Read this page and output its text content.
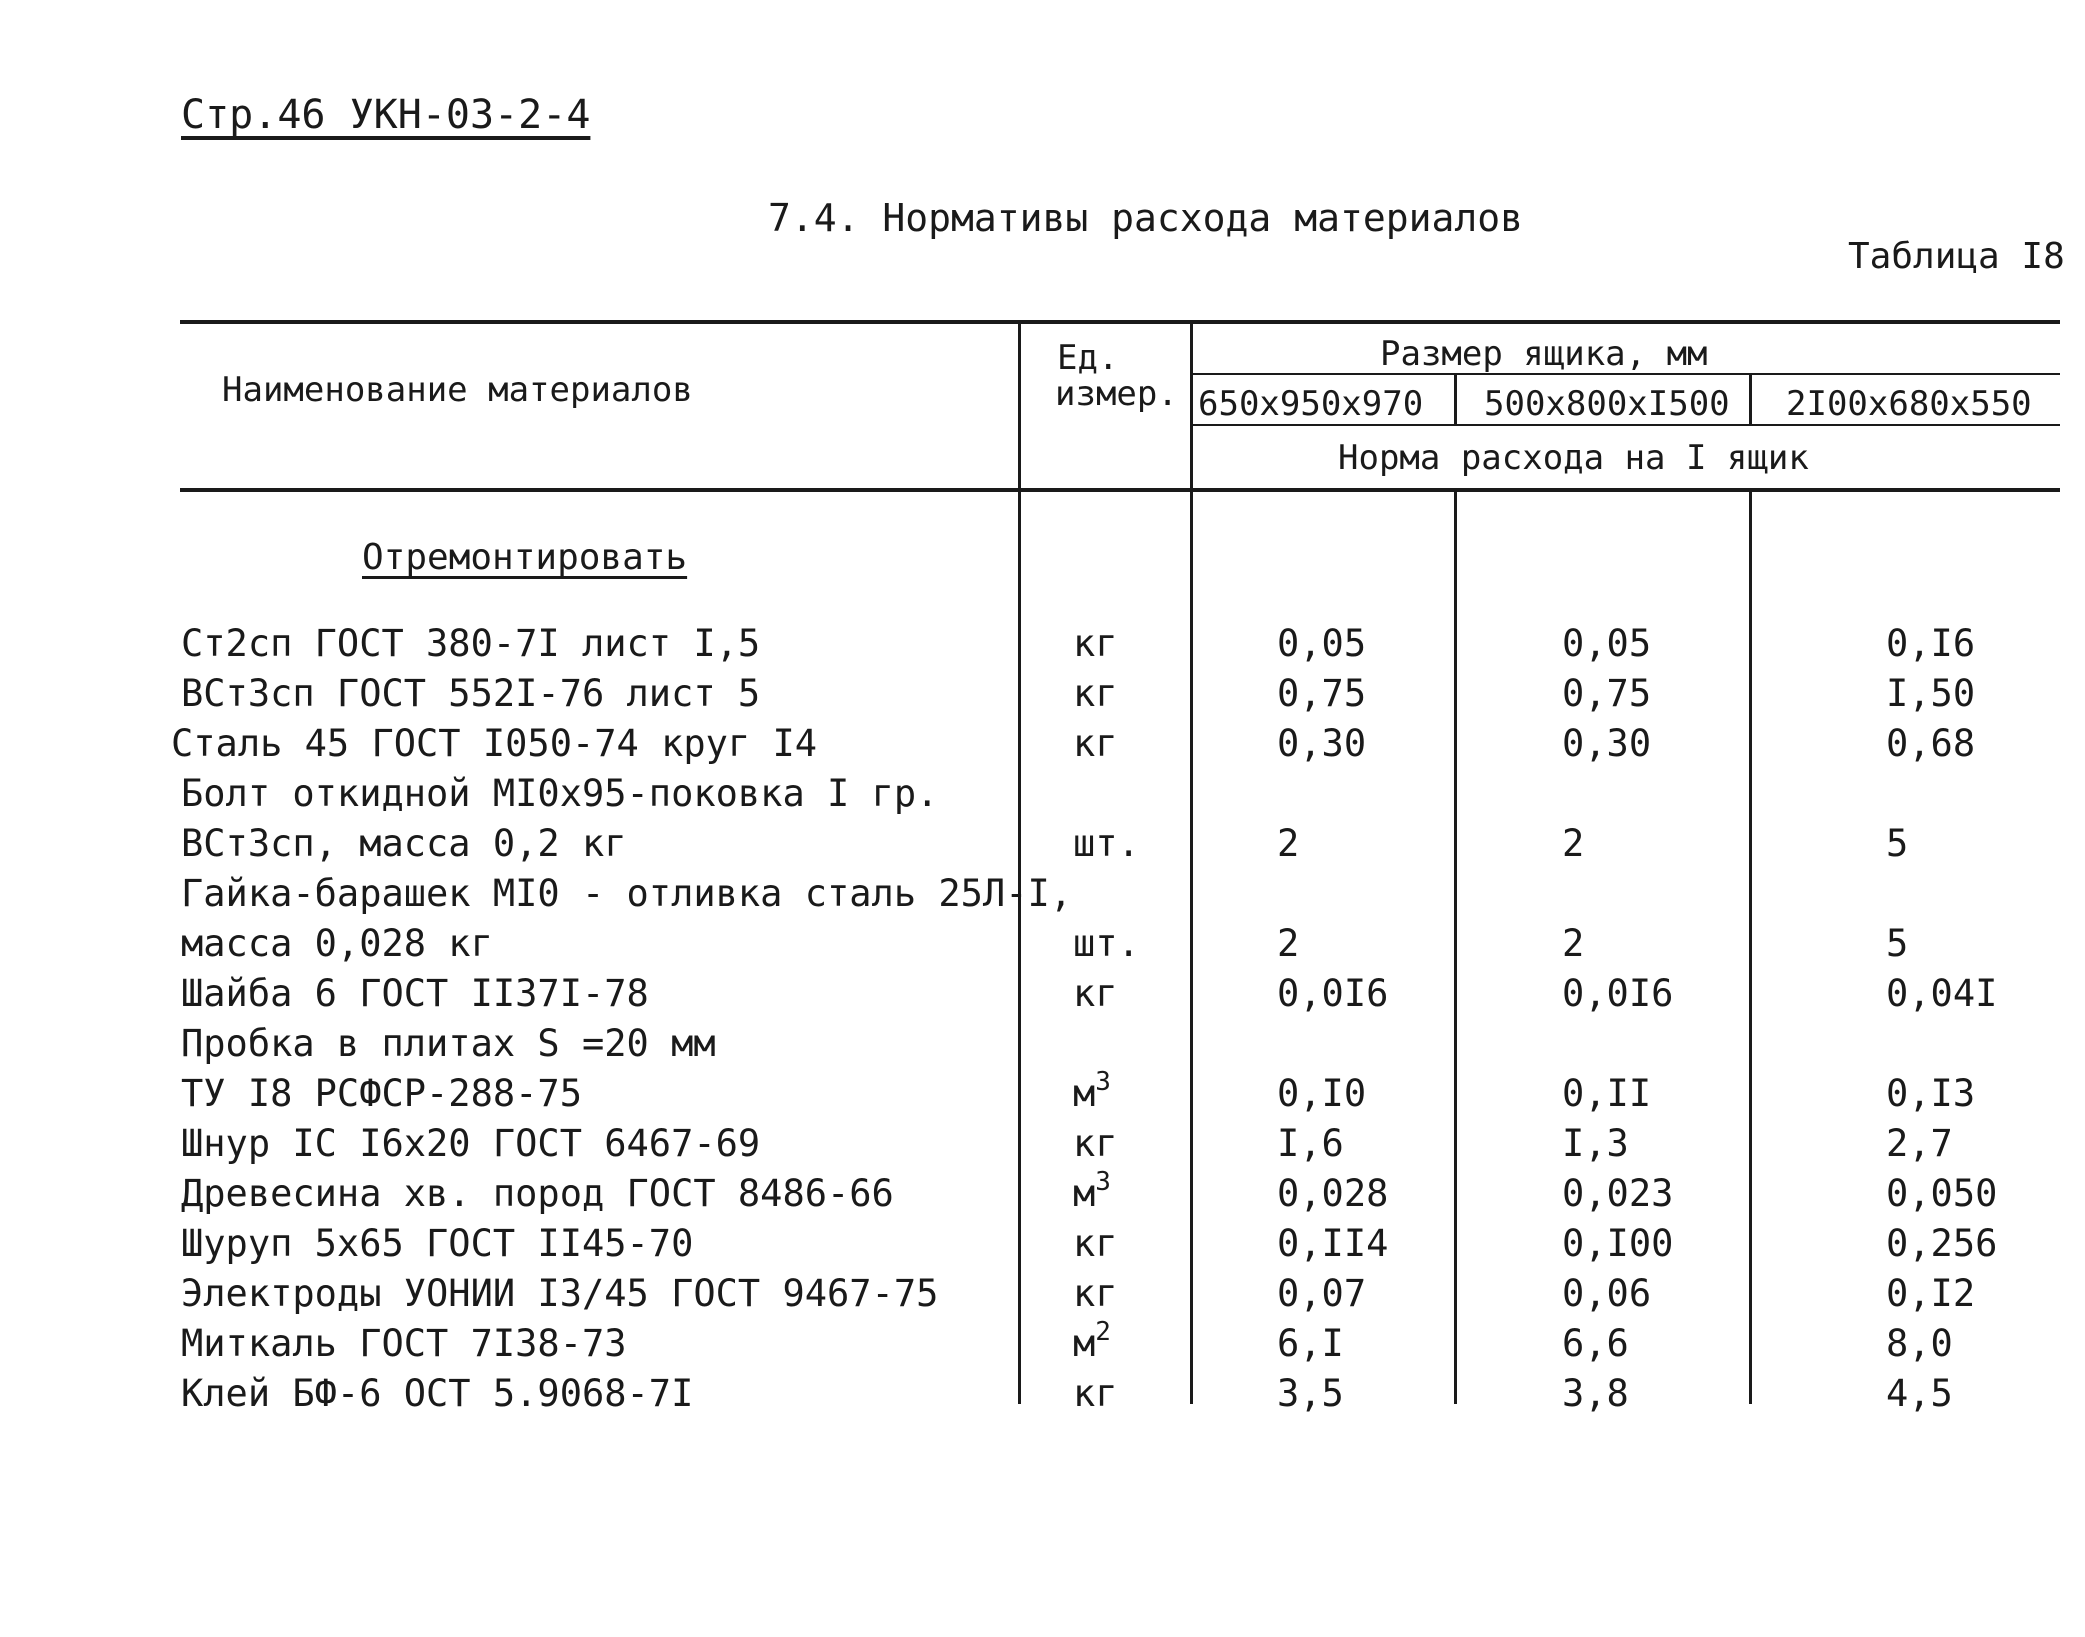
Стр.46 УКН-03-2-4
7.4. Нормативы расхода материалов
Таблица I8
Наименование материалов
Ед.
измер.
Размер ящика, мм
650x950x970 500x800xI500 2I00x680x550
Норма расхода на I ящик
Отремонтировать
Ст2сп ГОСТ 380-7I лист I,5	кг	0,05	0,05	0,I6
ВСт3сп ГОСТ 552I-76 лист 5	кг	0,75	0,75	I,50
Сталь 45 ГОСТ I050-74 круг I4	кг	0,30	0,30	0,68
Болт откидной MI0x95-поковка I гр.
ВСт3сп, масса 0,2 кг	шт.	2	2	5
Гайка-барашек MI0 - отливка сталь 25Л-I,
масса 0,028 кг	шт.	2	2	5
Шайба 6 ГОСТ II37I-78	кг	0,0I6	0,0I6	0,04I
Пробка в плитах S =20 мм
ТУ I8 РСФСР-288-75	$м^3$	0,I0	0,II	0,I3
Шнур IC I6x20 ГОСТ 6467-69	кг	I,6	I,3	2,7
Древесина хв. пород ГОСТ 8486-66	$м^3$	0,028	0,023	0,050
Шуруп 5x65 ГОСТ II45-70	кг	0,II4	0,I00	0,256
Электроды УОНИИ I3/45 ГОСТ 9467-75	кг	0,07	0,06	0,I2
Миткаль ГОСТ 7I38-73	$м^2$	6,I	6,6	8,0
Клей БФ-6 ОСТ 5.9068-7I	кг	3,5	3,8	4,5
